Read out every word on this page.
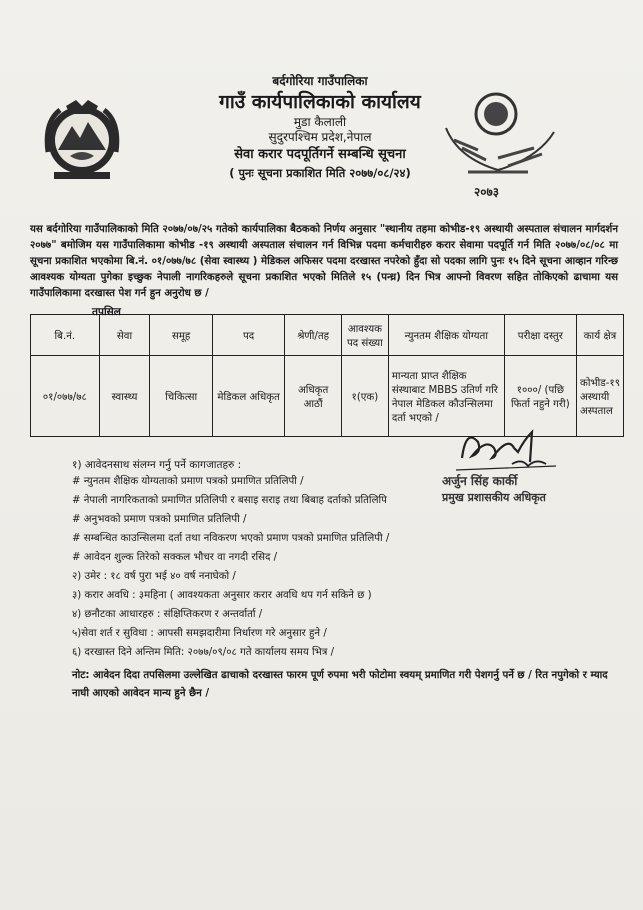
बर्दगोरिया गाउँपालिका
गाउँ कार्यपालिकाको कार्यालय
मुडा कैलाली
सुदुरपश्चिम प्रदेश,नेपाल
सेवा करार पदपूर्तिगर्ने सम्बन्धि सूचना
( पुनः सूचना प्रकाशित मिति २०७७/०८/२४)
२०७३
यस बर्दगोरिया गाउँपालिकाको मिति २०७७/०७/२५ गतेको कार्यपालिका बैठकको निर्णय अनुसार "स्थानीय तहमा कोभीड-१९ अस्थायी अस्पताल संचालन मार्गदर्शन २०७७" बमोजिम यस गाउँपालिकामा कोभीड -१९ अस्थायी अस्पताल संचालन गर्न विभिन्न पदमा कर्मचारीहरु करार सेवामा पदपूर्ति गर्न मिति २०७७/०८/०८ मा सूचना प्रकाशित भएकोमा बि.नं. ०१/०७७/७८ (सेवा स्वास्थ्य ) मेडिकल अफिसर पदमा दरखास्त नपरेको हुँदा सो पदका लागि पुनः १५ दिने सूचना आव्हान गरिन्छ आवश्यक योग्यता पुगेका इच्छुक नेपाली नागरिकहरुले सूचना प्रकाशित भएको मितिले १५ (पन्ध्र) दिन भित्र आफ्नो विवरण सहित तोकिएको ढाचामा यस गाउँपालिकामा दरखास्त पेश गर्न हुन अनुरोध छ /
बि.नं.	सेवा	समूह	पद	श्रेणी/तह	आवश्यक पद संख्या	न्युनतम शैक्षिक योग्यता	परीक्षा दस्तुर	कार्य क्षेत्र
०१/०७७/७८	स्वास्थ्य	चिकित्सा	मेडिकल अधिकृत	अधिकृत आठौं	१(एक)	मान्यता प्राप्त शैक्षिक संस्थाबाट MBBS उतिर्ण गरि नेपाल मेडिकल कौउन्सिलमा दर्ता भएको /	१०००/ (पछि फिर्ता नहुने गरी)	कोभीड-१९ अस्थायी अस्पताल
तपसिल
१) आवेदनसाथ संलग्न गर्नु पर्ने कागजातहरु :
# न्युनतम शैक्षिक योग्यताको प्रमाण पत्रको प्रमाणित प्रतिलिपी /
# नेपाली नागरिकताको प्रमाणित प्रतिलिपी र बसाइ सराइ तथा बिबाह दर्ताको प्रतिलिपि
# अनुभवको प्रमाण पत्रको प्रमाणित प्रतिलिपी /
# सम्बन्धित काउन्सिलमा दर्ता तथा नविकरण भएको प्रमाण पत्रको प्रमाणित प्रतिलिपी /
# आवेदन शुल्क तिरेको सक्कल भौचर वा नगदी रसिद /
२) उमेर : १८ वर्ष पुरा भई ४० वर्ष ननाघेको /
३) करार अवधि : ३महिना ( आवश्यकता अनुसार करार अवधि थप गर्न सकिने छ )
४) छनौटका आधारहरु : संक्षिप्तिकरण र अन्तर्वार्ता /
५)सेवा शर्त र सुविधा : आपसी समझदारीमा निर्धारण गरे अनुसार हुने /
६) दरखास्त दिने अन्तिम मिति: २०७७/०९/०८ गते कार्यालय समय भित्र /
अर्जुन सिंह कार्की
प्रमुख प्रशासकीय अधिकृत
नोट: आवेदन दिदा तपसिलमा उल्लेखित ढाचाको दरखास्त फारम पूर्ण रुपमा भरी फोटोमा स्वयम् प्रमाणित गरी पेशगर्नु पर्ने छ / रित नपुगेको र म्याद नाघी आएको आवेदन मान्य हुने छैन /
